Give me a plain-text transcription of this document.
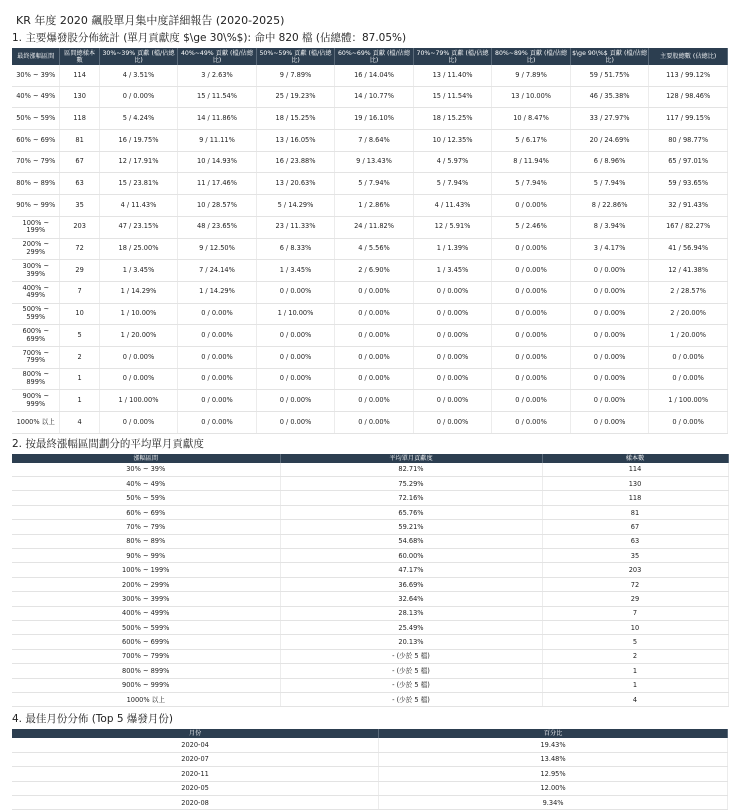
KR 年度 2020 飆股單月集中度詳細報告 (2020-2025)
1. 主要爆發股分佈統計 (單月貢獻度 $\ge 30\%$): 命中 820 檔 (佔總體：87.05%)
最終漲幅區間	區間總樣本數	30%~39% 貢獻 (檔/佔總比)	40%~49% 貢獻 (檔/佔總比)	50%~59% 貢獻 (檔/佔總比)	60%~69% 貢獻 (檔/佔總比)	70%~79% 貢獻 (檔/佔總比)	80%~89% 貢獻 (檔/佔總比)	$\ge 90\%$ 貢獻 (檔/佔總比)	主要股總數 (佔總比)
30% ~ 39%	114	4 / 3.51%	3 / 2.63%	9 / 7.89%	16 / 14.04%	13 / 11.40%	9 / 7.89%	59 / 51.75%	113 / 99.12%
40% ~ 49%	130	0 / 0.00%	15 / 11.54%	25 / 19.23%	14 / 10.77%	15 / 11.54%	13 / 10.00%	46 / 35.38%	128 / 98.46%
50% ~ 59%	118	5 / 4.24%	14 / 11.86%	18 / 15.25%	19 / 16.10%	18 / 15.25%	10 / 8.47%	33 / 27.97%	117 / 99.15%
60% ~ 69%	81	16 / 19.75%	9 / 11.11%	13 / 16.05%	7 / 8.64%	10 / 12.35%	5 / 6.17%	20 / 24.69%	80 / 98.77%
70% ~ 79%	67	12 / 17.91%	10 / 14.93%	16 / 23.88%	9 / 13.43%	4 / 5.97%	8 / 11.94%	6 / 8.96%	65 / 97.01%
80% ~ 89%	63	15 / 23.81%	11 / 17.46%	13 / 20.63%	5 / 7.94%	5 / 7.94%	5 / 7.94%	5 / 7.94%	59 / 93.65%
90% ~ 99%	35	4 / 11.43%	10 / 28.57%	5 / 14.29%	1 / 2.86%	4 / 11.43%	0 / 0.00%	8 / 22.86%	32 / 91.43%
100% ~ 199%	203	47 / 23.15%	48 / 23.65%	23 / 11.33%	24 / 11.82%	12 / 5.91%	5 / 2.46%	8 / 3.94%	167 / 82.27%
200% ~ 299%	72	18 / 25.00%	9 / 12.50%	6 / 8.33%	4 / 5.56%	1 / 1.39%	0 / 0.00%	3 / 4.17%	41 / 56.94%
300% ~ 399%	29	1 / 3.45%	7 / 24.14%	1 / 3.45%	2 / 6.90%	1 / 3.45%	0 / 0.00%	0 / 0.00%	12 / 41.38%
400% ~ 499%	7	1 / 14.29%	1 / 14.29%	0 / 0.00%	0 / 0.00%	0 / 0.00%	0 / 0.00%	0 / 0.00%	2 / 28.57%
500% ~ 599%	10	1 / 10.00%	0 / 0.00%	1 / 10.00%	0 / 0.00%	0 / 0.00%	0 / 0.00%	0 / 0.00%	2 / 20.00%
600% ~ 699%	5	1 / 20.00%	0 / 0.00%	0 / 0.00%	0 / 0.00%	0 / 0.00%	0 / 0.00%	0 / 0.00%	1 / 20.00%
700% ~ 799%	2	0 / 0.00%	0 / 0.00%	0 / 0.00%	0 / 0.00%	0 / 0.00%	0 / 0.00%	0 / 0.00%	0 / 0.00%
800% ~ 899%	1	0 / 0.00%	0 / 0.00%	0 / 0.00%	0 / 0.00%	0 / 0.00%	0 / 0.00%	0 / 0.00%	0 / 0.00%
900% ~ 999%	1	1 / 100.00%	0 / 0.00%	0 / 0.00%	0 / 0.00%	0 / 0.00%	0 / 0.00%	0 / 0.00%	1 / 100.00%
1000% 以上	4	0 / 0.00%	0 / 0.00%	0 / 0.00%	0 / 0.00%	0 / 0.00%	0 / 0.00%	0 / 0.00%	0 / 0.00%
2. 按最終漲幅區間劃分的平均單月貢獻度
漲幅區間	平均單月貢獻度	樣本數
30% ~ 39%	82.71%	114
40% ~ 49%	75.29%	130
50% ~ 59%	72.16%	118
60% ~ 69%	65.76%	81
70% ~ 79%	59.21%	67
80% ~ 89%	54.68%	63
90% ~ 99%	60.00%	35
100% ~ 199%	47.17%	203
200% ~ 299%	36.69%	72
300% ~ 399%	32.64%	29
400% ~ 499%	28.13%	7
500% ~ 599%	25.49%	10
600% ~ 699%	20.13%	5
700% ~ 799%	- (少於 5 檔)	2
800% ~ 899%	- (少於 5 檔)	1
900% ~ 999%	- (少於 5 檔)	1
1000% 以上	- (少於 5 檔)	4
4. 最佳月份分佈 (Top 5 爆發月份)
月份	百分比
2020-04	19.43%
2020-07	13.48%
2020-11	12.95%
2020-05	12.00%
2020-08	9.34%
